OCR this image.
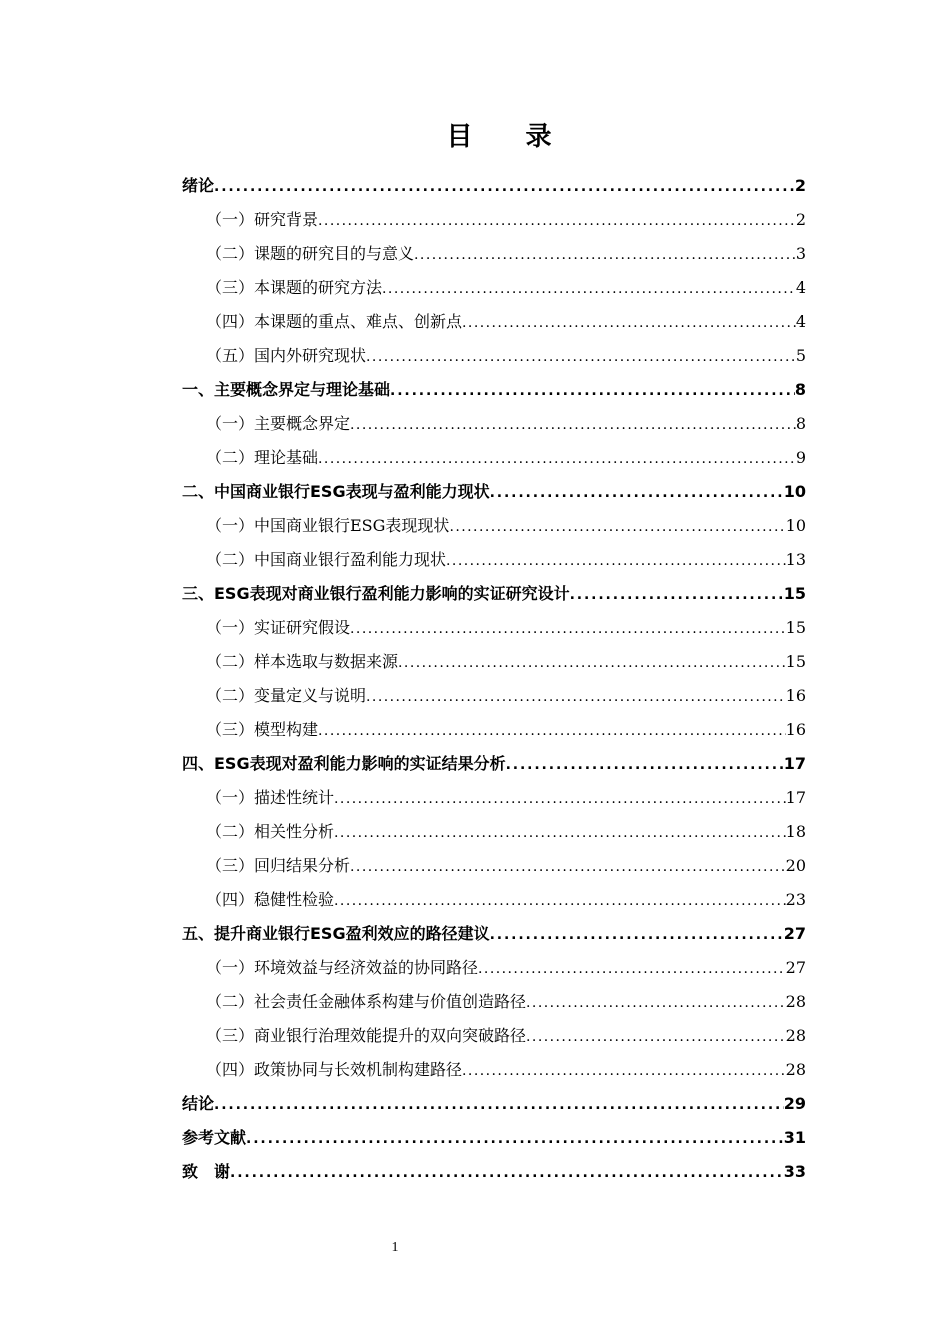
目 录
绪论 . . .	2
（一）研究背景 . . .	2
（二）课题的研究目的与意义 . . .	3
（三）本课题的研究方法 . . .	4
（四）本课题的重点、难点、创新点 . . .	4
（五）国内外研究现状 . . .	5
一、主要概念界定与理论基础 . . .	8
（一）主要概念界定 . . .	8
（二）理论基础 . . .	9
二、中国商业银行ESG表现与盈利能力现状 . . .	10
（一）中国商业银行ESG表现现状 . . .	10
（二）中国商业银行盈利能力现状 . . .	13
三、ESG表现对商业银行盈利能力影响的实证研究设计 . . .	15
（一）实证研究假设 . . .	15
（二）样本选取与数据来源 . . .	15
（二）变量定义与说明 . . .	16
（三）模型构建 . . .	16
四、ESG表现对盈利能力影响的实证结果分析 . . .	17
（一）描述性统计 . . .	17
（二）相关性分析 . . .	18
（三）回归结果分析 . . .	20
（四）稳健性检验 . . .	23
五、提升商业银行ESG盈利效应的路径建议 . . .	27
（一）环境效益与经济效益的协同路径 . . .	27
（二）社会责任金融体系构建与价值创造路径 . . .	28
（三）商业银行治理效能提升的双向突破路径 . . .	28
（四）政策协同与长效机制构建路径 . . .	28
结论 . . .	29
参考文献 . . .	31
致　谢 . . .	33
1
